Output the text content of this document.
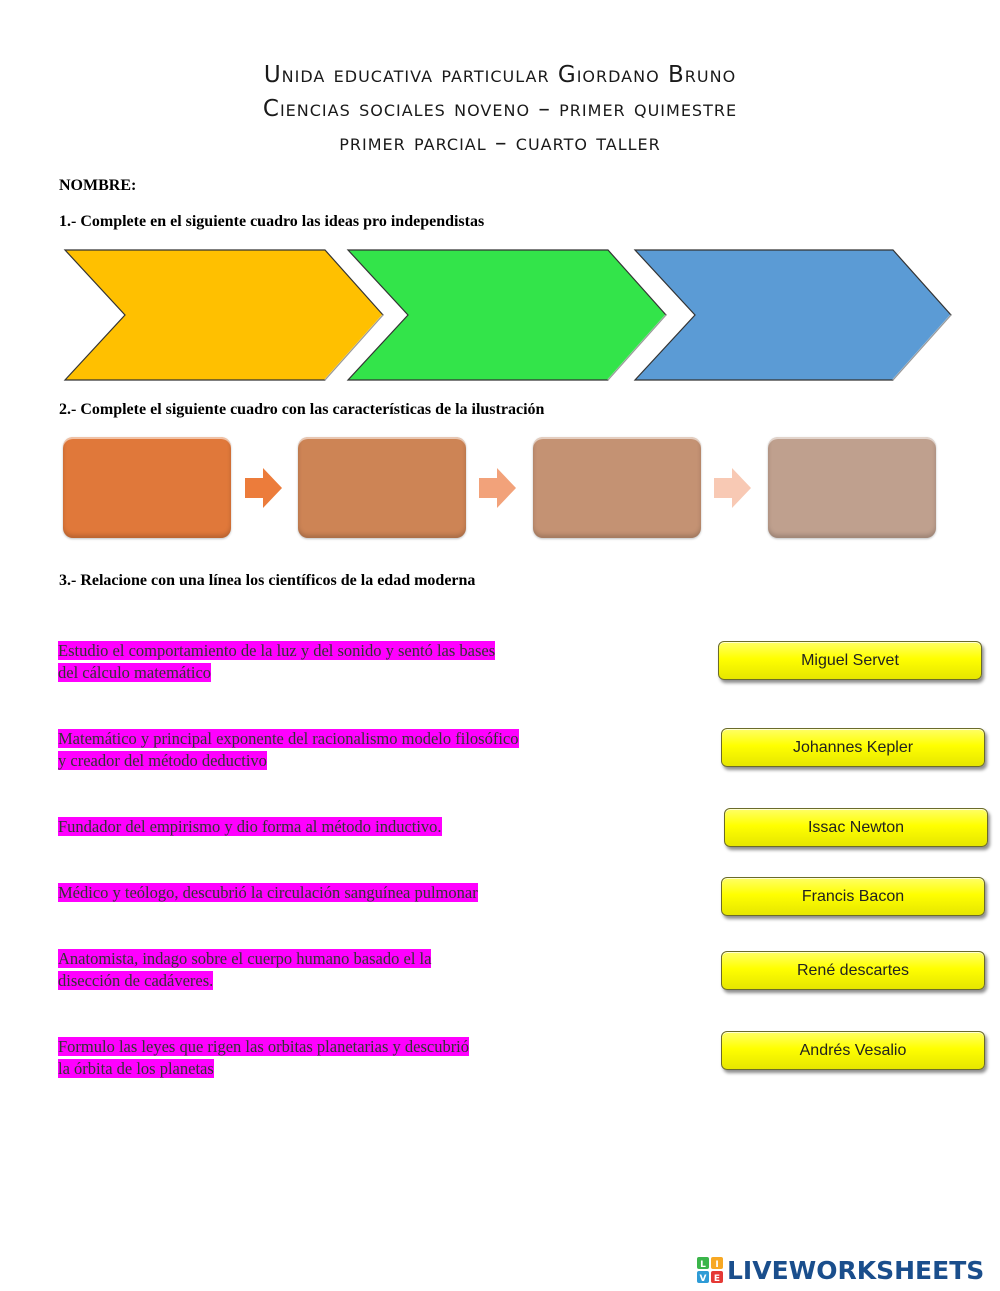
Unida educativa particular Giordano Bruno
Ciencias sociales noveno – primer quimestre
primer parcial – cuarto taller
NOMBRE:
1.- Complete en el siguiente cuadro las ideas pro independistas
2.- Complete el siguiente cuadro con las características de la ilustración
3.- Relacione con una línea los científicos de la edad moderna
Estudio el comportamiento de la luz y del sonido y sentó las bases
del cálculo matemático
Matemático y principal exponente del racionalismo modelo filosófico
y creador del método deductivo
Fundador del empirismo y dio forma al método inductivo.
Médico y teólogo, descubrió la circulación sanguínea pulmonar
Anatomista, indago sobre el cuerpo humano basado el la
disección de cadáveres.
Formulo las leyes que rigen las orbitas planetarias y descubrió
la órbita de los planetas
Miguel Servet
Johannes Kepler
Issac Newton
Francis Bacon
René descartes
Andrés Vesalio
L I
V E LIVEWORKSHEETS
